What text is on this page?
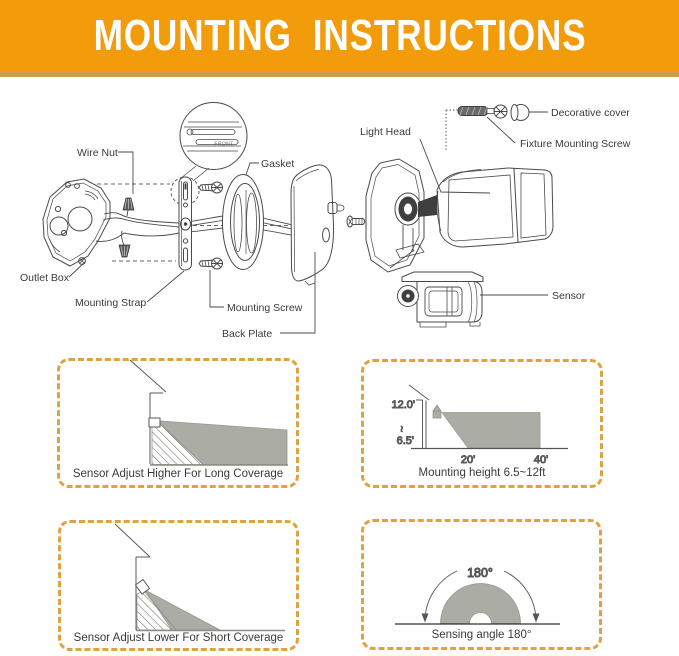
MOUNTING  INSTRUCTIONS
FRONT
Wire Nut
Gasket
Outlet Box
Mounting Strap	Mounting Screw
Back Plate
Light Head
Decorative cover
Fixture Mounting Screw
Sensor
12.0'
~
6.5'
20'	40'
180°
Sensor Adjust Higher For Long Coverage	Mounting height 6.5~12ft
Sensor Adjust Lower For Short Coverage	Sensing angle 180°
